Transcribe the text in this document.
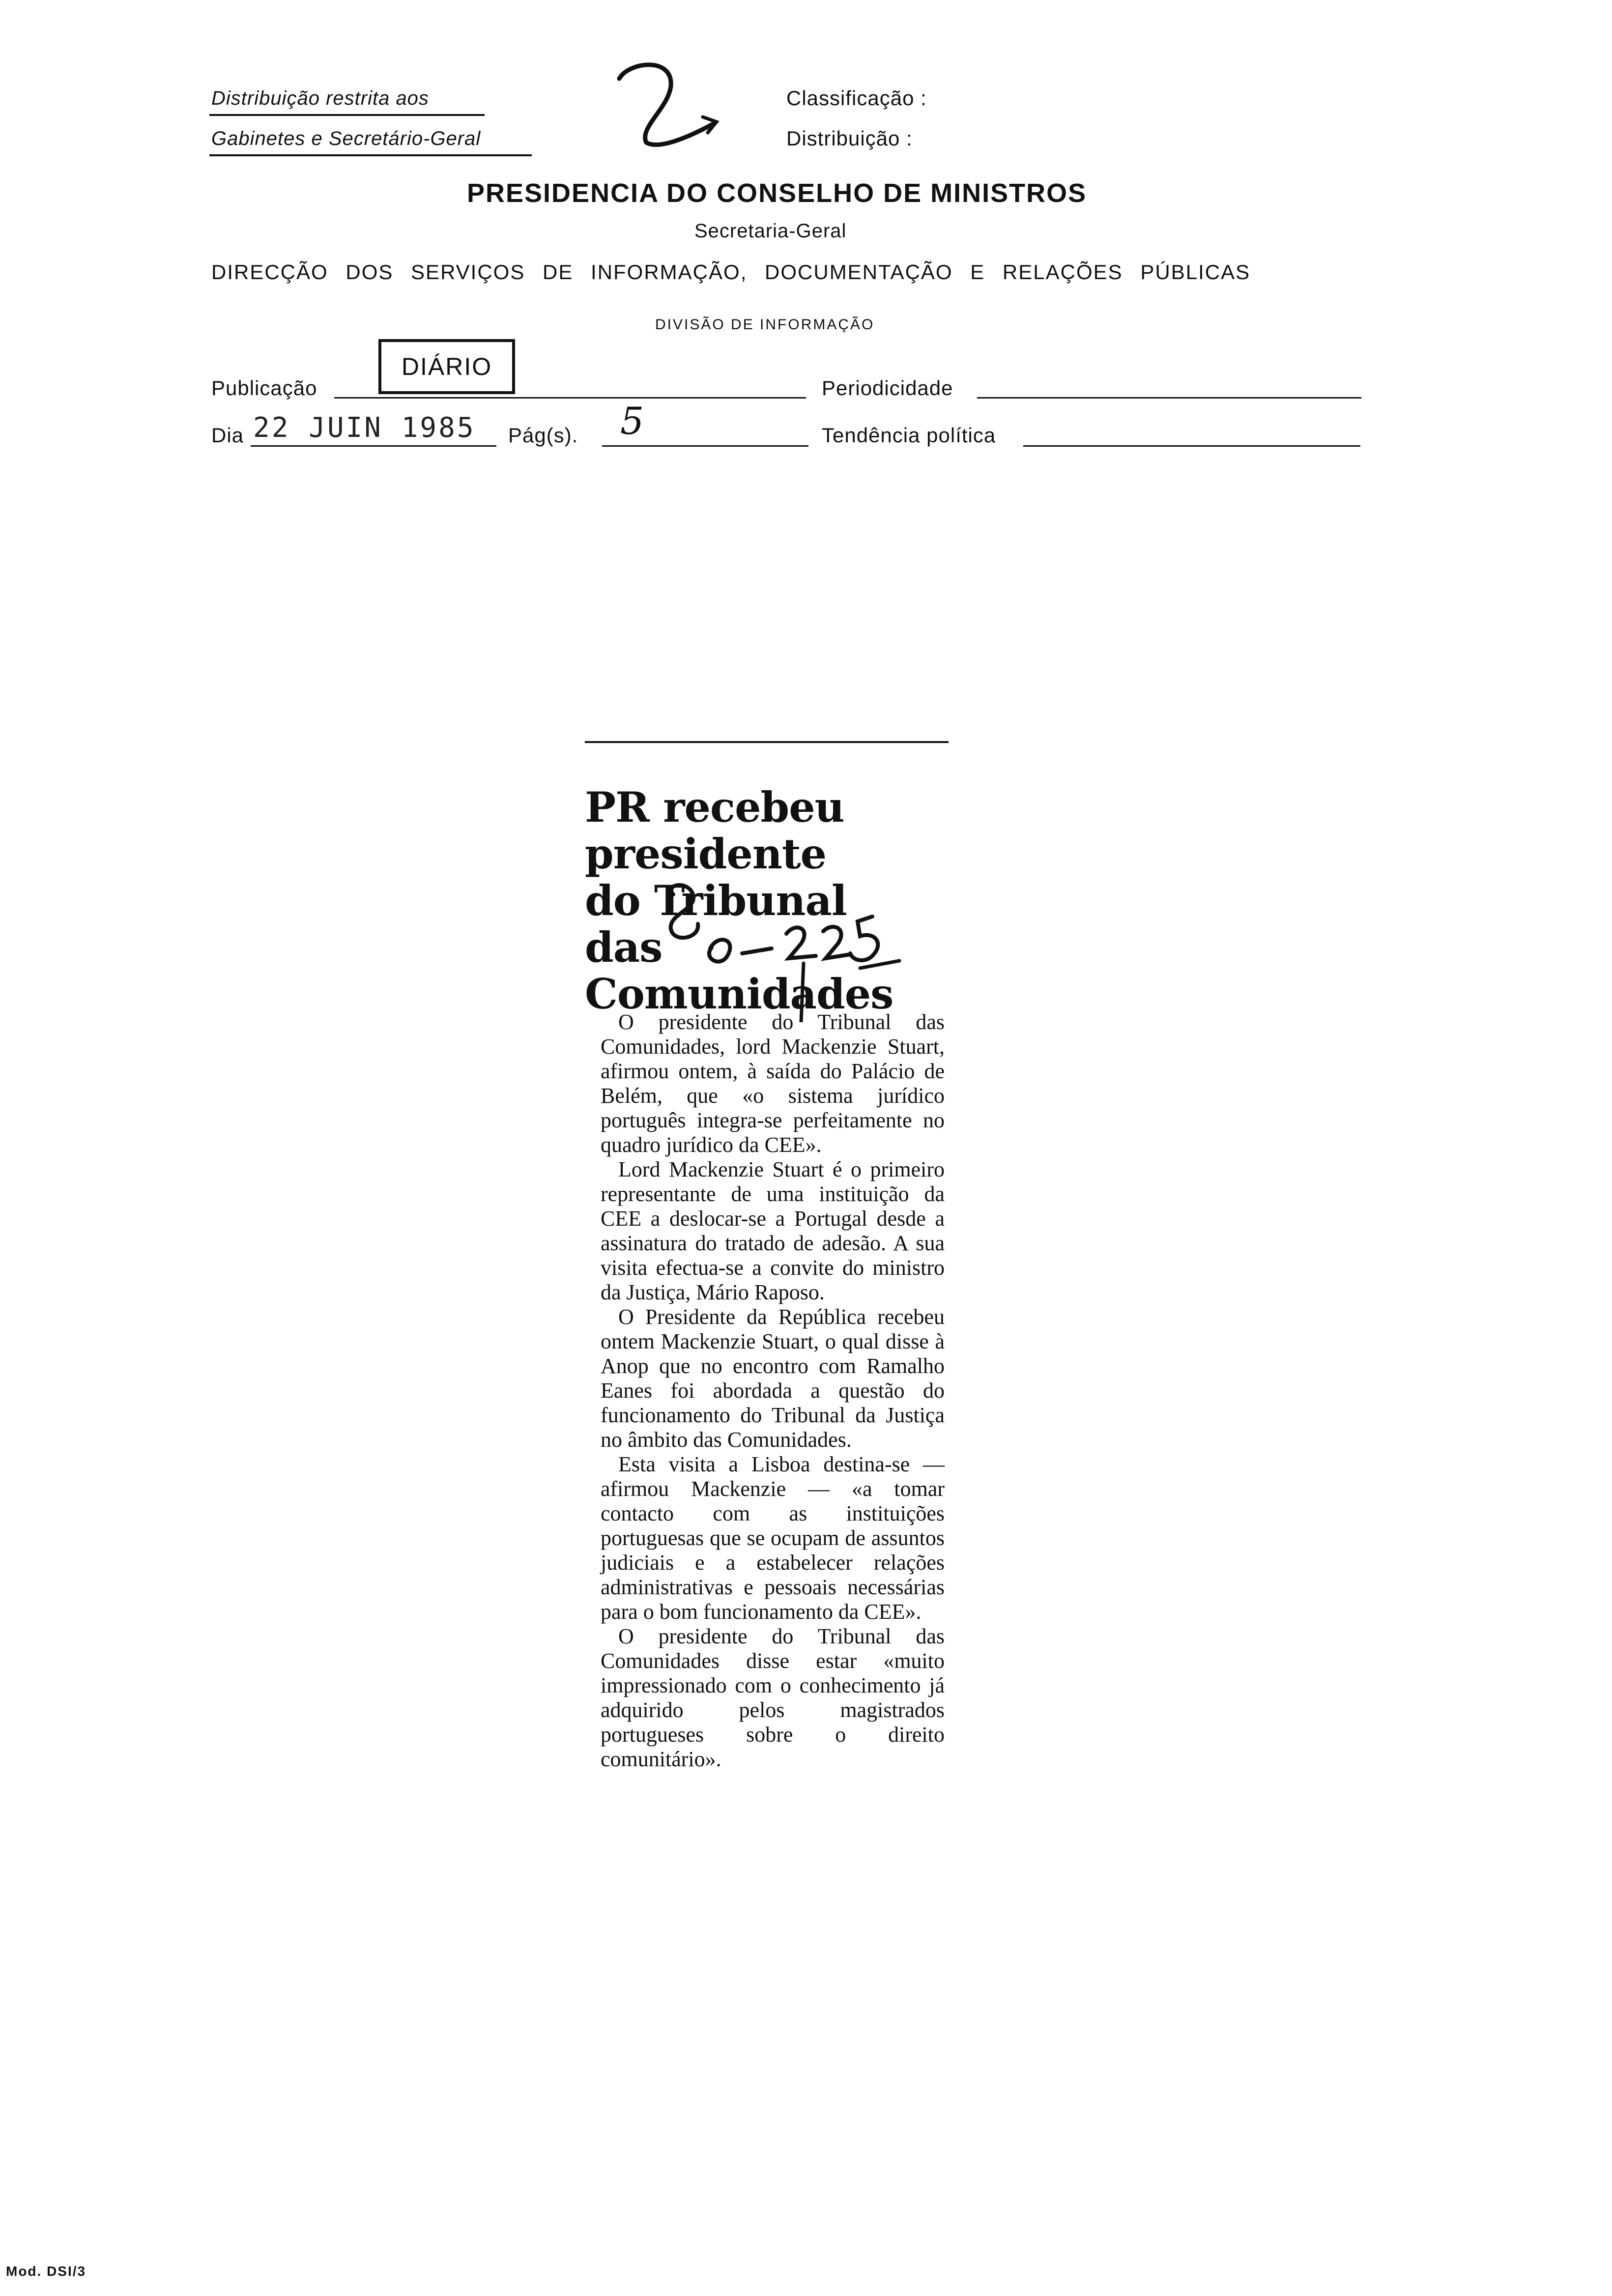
Distribuição restrita aos
Gabinetes e Secretário-Geral
Classificação :
Distribuição :
PRESIDENCIA DO CONSELHO DE MINISTROS
Secretaria-Geral
DIRECÇÃO DOS SERVIÇOS DE INFORMAÇÃO, DOCUMENTAÇÃO E RELAÇÕES PÚBLICAS
DIVISÃO DE INFORMAÇÃO
Publicação
DIÁRIO
Periodicidade
Dia 22 JUIN 1985 Pág(s). 5	Tendência política
PR recebeu
presidente
do Tribunal
das
Comunidades

O presidente do Tribunal das Comunidades, lord Mackenzie Stuart, afirmou ontem, à saída do Palácio de Belém, que «o sistema jurídico português integra-se perfeitamente no quadro jurídico da CEE».

Lord Mackenzie Stuart é o primeiro representante de uma instituição da CEE a deslocar-se a Portugal desde a assinatura do tratado de adesão. A sua visita efectua-se a convite do ministro da Justiça, Mário Raposo.

O Presidente da República recebeu ontem Mackenzie Stuart, o qual disse à Anop que no encontro com Ramalho Eanes foi abordada a questão do funcionamento do Tribunal da Justiça no âmbito das Comunidades.

Esta visita a Lisboa destina-se — afirmou Mackenzie — «a tomar contacto com as instituições portuguesas que se ocupam de assuntos judiciais e a estabelecer relações administrativas e pessoais necessárias para o bom funcionamento da CEE».

O presidente do Tribunal das Comunidades disse estar «muito impressionado com o conhecimento já adquirido pelos magistrados portugueses sobre o direito comunitário».

Mod. DSI/3
